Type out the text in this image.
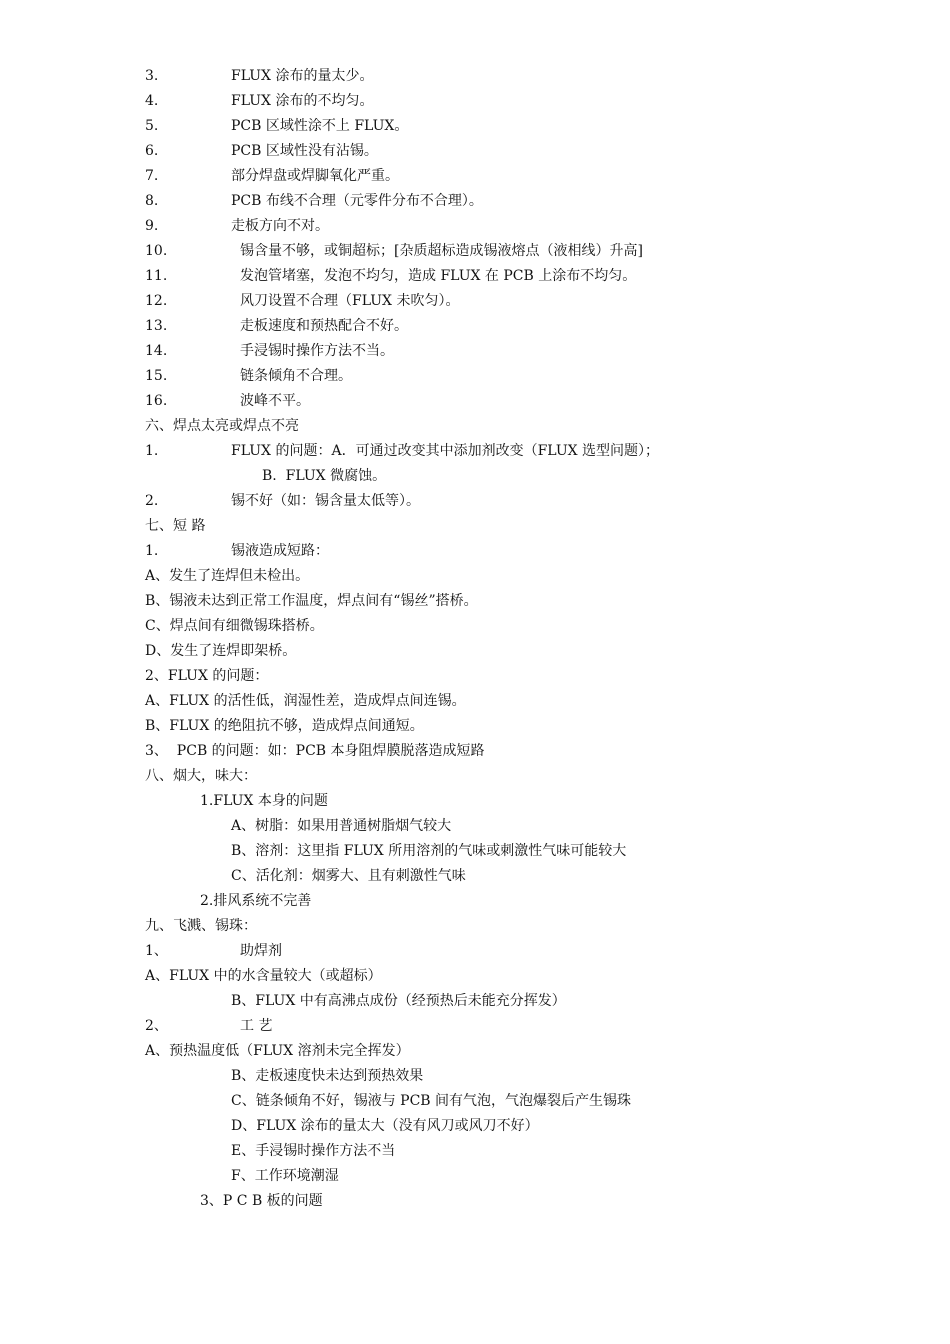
3.	FLUX 涂布的量太少。
4.	FLUX 涂布的不均匀。
5.	PCB 区域性涂不上 FLUX。
6.	PCB 区域性没有沾锡。
7.	部分焊盘或焊脚氧化严重。
8.	PCB 布线不合理（元零件分布不合理）。
9.	走板方向不对。
10.	锡含量不够，或铜超标；[杂质超标造成锡液熔点（液相线）升高]
11.	发泡管堵塞，发泡不均匀，造成 FLUX 在 PCB 上涂布不均匀。
12.	风刀设置不合理（FLUX 未吹匀）。
13.	走板速度和预热配合不好。
14.	手浸锡时操作方法不当。
15.	链条倾角不合理。
16.	波峰不平。
六、焊点太亮或焊点不亮
1.	FLUX 的问题：A．可通过改变其中添加剂改变（FLUX 选型问题）；
B.  FLUX 微腐蚀。
2.	锡不好（如：锡含量太低等）。
七、短 路
1.	锡液造成短路：
A、发生了连焊但未检出。
B、锡液未达到正常工作温度，焊点间有“锡丝”搭桥。
C、焊点间有细微锡珠搭桥。
D、发生了连焊即架桥。
2、FLUX 的问题：
A、FLUX 的活性低，润湿性差，造成焊点间连锡。
B、FLUX 的绝阻抗不够，造成焊点间通短。
3、  PCB 的问题：如：PCB 本身阻焊膜脱落造成短路
八、烟大，味大：
1.FLUX 本身的问题
A、树脂：如果用普通树脂烟气较大
B、溶剂：这里指 FLUX 所用溶剂的气味或刺激性气味可能较大
C、活化剂：烟雾大、且有刺激性气味
2.排风系统不完善
九、飞溅、锡珠：
1、	助焊剂
A、FLUX 中的水含量较大（或超标）
B、FLUX 中有高沸点成份（经预热后未能充分挥发）
2、	工 艺
A、预热温度低（FLUX 溶剂未完全挥发）
B、走板速度快未达到预热效果
C、链条倾角不好，锡液与 PCB 间有气泡，气泡爆裂后产生锡珠
D、FLUX 涂布的量太大（没有风刀或风刀不好）
E、手浸锡时操作方法不当
F、工作环境潮湿
3、P C B 板的问题
